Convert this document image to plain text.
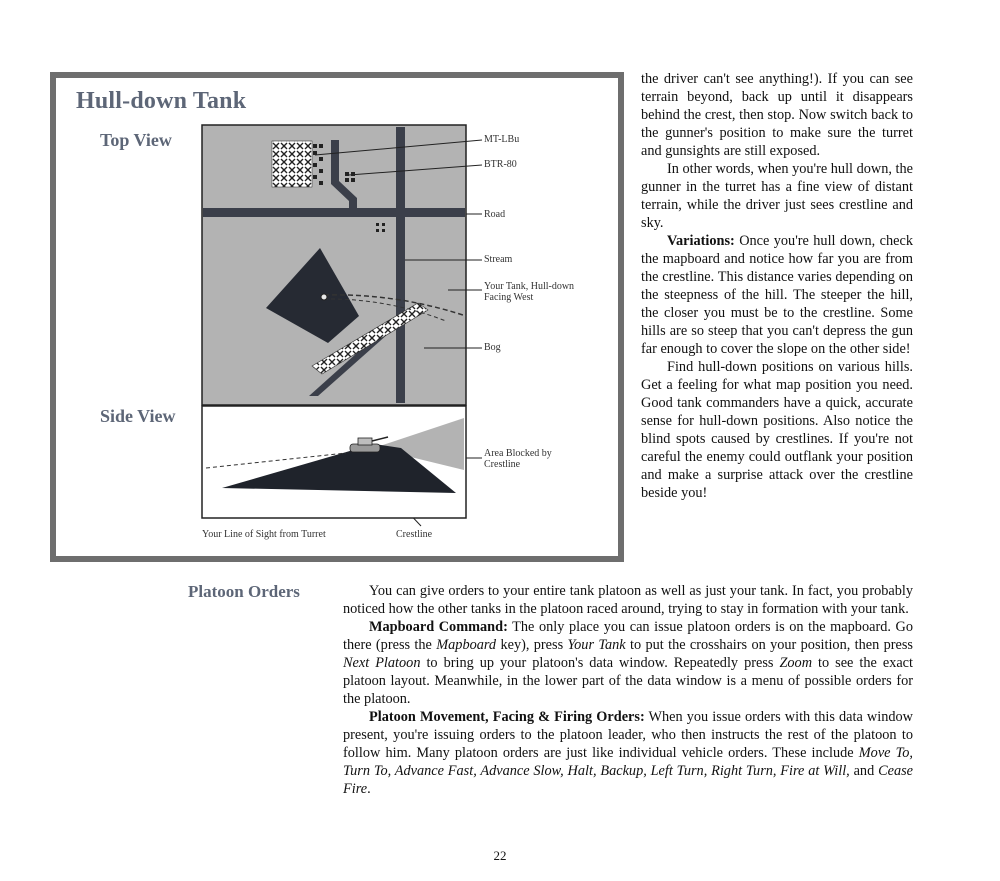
Hull-down Tank
Top View
Side View
MT-LBu
BTR-80
Road
Stream
Your Tank, Hull-down
Facing West
Bog
Area Blocked by
Crestline
Your Line of Sight from Turret	Crestline

the driver can't see anything!). If you can see terrain beyond, back up until it disappears behind the crest, then stop. Now switch back to the gunner's position to make sure the turret and gunsights are still exposed.

In other words, when you're hull down, the gunner in the turret has a fine view of distant terrain, while the driver just sees crestline and sky.

Variations: Once you're hull down, check the mapboard and notice how far you are from the crestline. This distance varies depending on the steepness of the hill. The steeper the hill, the closer you must be to the crestline. Some hills are so steep that you can't depress the gun far enough to cover the slope on the other side!

Find hull-down positions on various hills. Get a feeling for what map position you need. Good tank commanders have a quick, accurate sense for hull-down positions. Also notice the blind spots caused by crestlines. If you're not careful the enemy could outflank your position and make a surprise attack over the crestline beside you!

Platoon Orders	You can give orders to your entire tank platoon as well as just your tank. In fact, you probably noticed how the other tanks in the platoon raced around, trying to stay in formation with your tank.

Mapboard Command: The only place you can issue platoon orders is on the mapboard. Go there (press the Mapboard key), press Your Tank to put the crosshairs on your position, then press Next Platoon to bring up your platoon's data window. Repeatedly press Zoom to see the exact platoon layout. Meanwhile, in the lower part of the data window is a menu of possible orders for the platoon.

Platoon Movement, Facing & Firing Orders: When you issue orders with this data window present, you're issuing orders to the platoon leader, who then instructs the rest of the platoon to follow him. Many platoon orders are just like individual vehicle orders. These include Move To, Turn To, Advance Fast, Advance Slow, Halt, Backup, Left Turn, Right Turn, Fire at Will, and Cease Fire.

22
